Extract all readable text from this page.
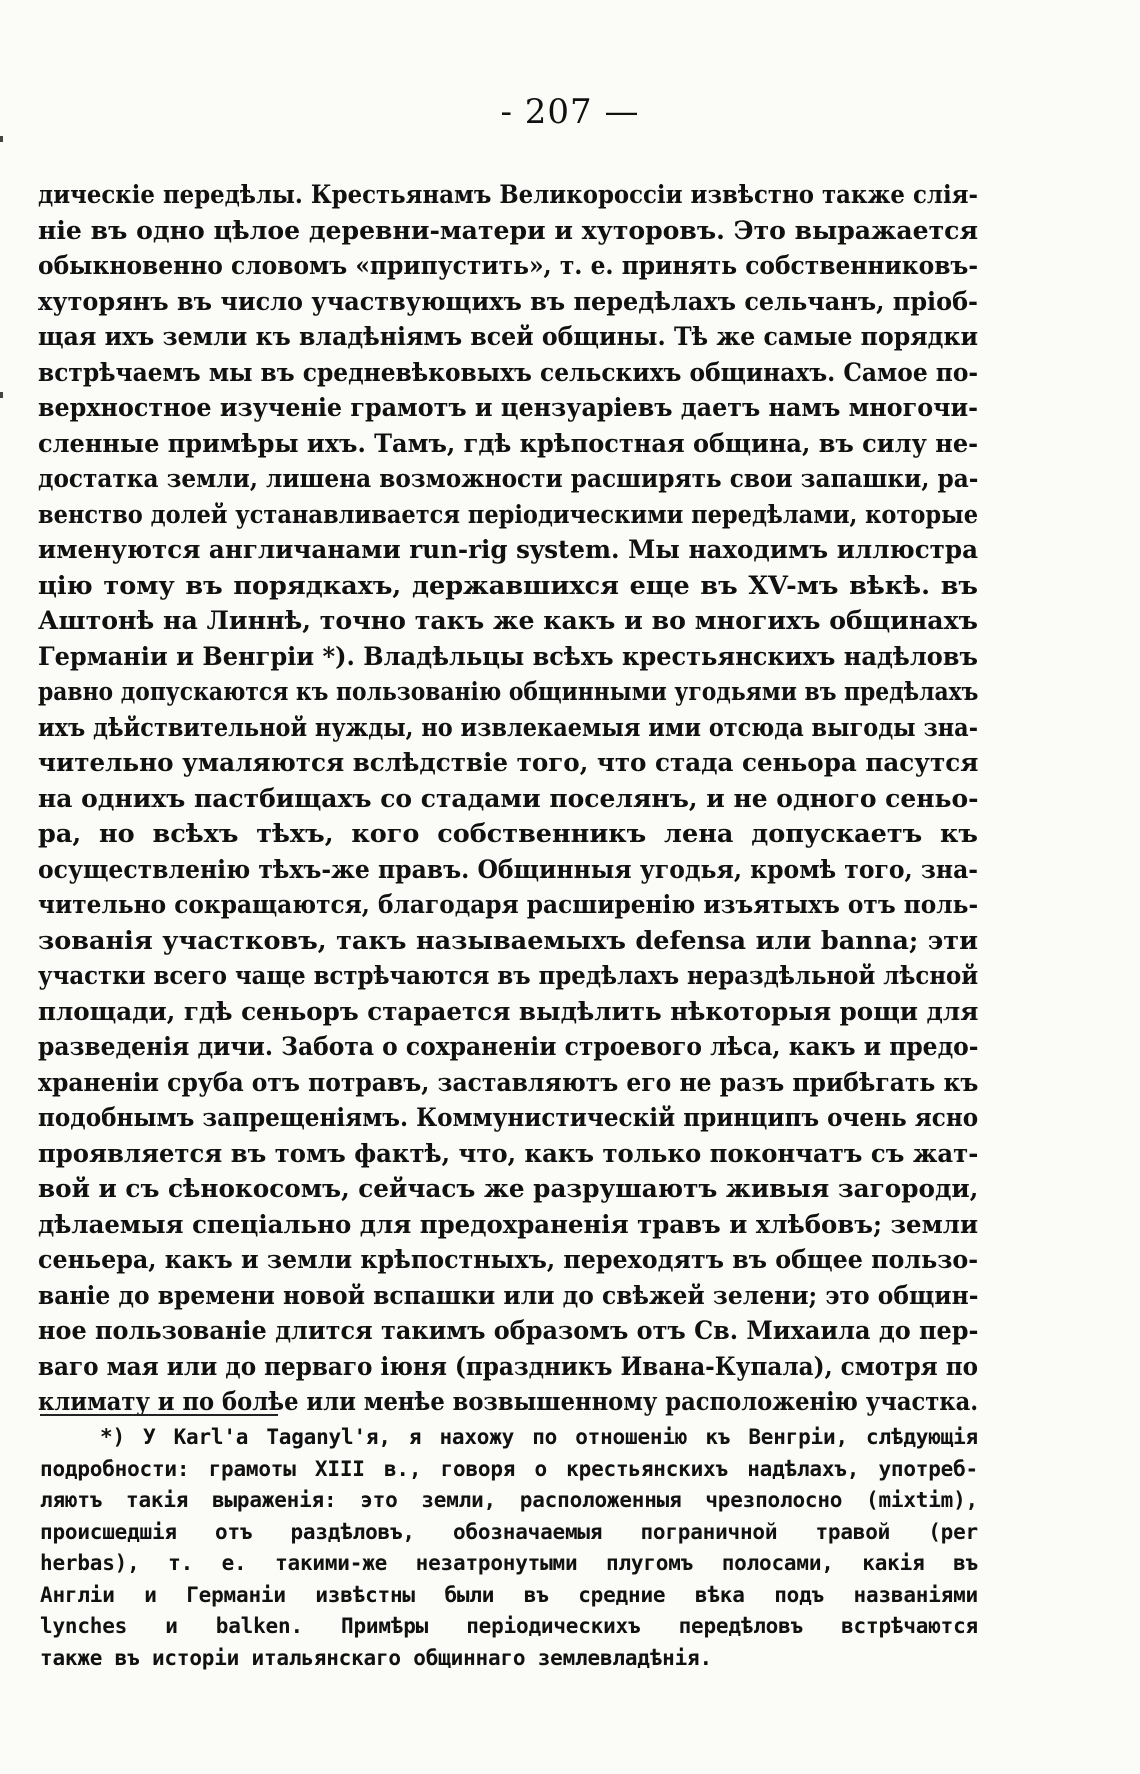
- 207 —
дическiе передѣлы. Крестьянамъ Великороссiи извѣстно также слiя-
нiе въ одно цѣлое деревни-матери и хуторовъ. Это выражается
обыкновенно словомъ «припустить», т. е. принять собственниковъ-
хуторянъ въ число участвующихъ въ передѣлахъ сельчанъ, прiоб-
щая ихъ земли къ владѣнiямъ всей общины. Тѣ же самые порядки
встрѣчаемъ мы въ средневѣковыхъ сельскихъ общинахъ. Самое по-
верхностное изученiе грамотъ и цензуарiевъ даетъ намъ многочи-
сленные примѣры ихъ. Тамъ, гдѣ крѣпостная община, въ силу не-
достатка земли, лишена возможности расширять свои запашки, ра-
венство долей устанавливается перiодическими передѣлами, которые
именуются англичанами run-rig system. Мы находимъ иллюстра
цiю тому въ порядкахъ, державшихся еще въ XV-мъ вѣкѣ. въ
Аштонѣ на Линнѣ, точно такъ же какъ и во многихъ общинахъ
Германiи и Венгрiи *). Владѣльцы всѣхъ крестьянскихъ надѣловъ
равно допускаются къ пользованiю общинными угодьями въ предѣлахъ
ихъ дѣйствительной нужды, но извлекаемыя ими отсюда выгоды зна-
чительно умаляются вслѣдствiе того, что стада сеньора пасутся
на однихъ пастбищахъ со стадами поселянъ, и не одного сеньо-
ра, но всѣхъ тѣхъ, кого собственникъ лена допускаетъ къ
осуществленiю тѣхъ-же правъ. Общинныя угодья, кромѣ того, зна-
чительно сокращаются, благодаря расширенiю изъятыхъ отъ поль-
зованiя участковъ, такъ называемыхъ defensa или banna; эти
участки всего чаще встрѣчаются въ предѣлахъ нераздѣльной лѣсной
площади, гдѣ сеньоръ старается выдѣлить нѣкоторыя рощи для
разведенiя дичи. Забота о сохраненiи строевого лѣса, какъ и предо-
храненiи сруба отъ потравъ, заставляютъ его не разъ прибѣгать къ
подобнымъ запрещенiямъ. Коммунистическiй принципъ очень ясно
проявляется въ томъ фактѣ, что, какъ только покончатъ съ жат-
вой и съ сѣнокосомъ, сейчасъ же разрушаютъ живыя загороди,
дѣлаемыя спецiально для предохраненiя травъ и хлѣбовъ; земли
сеньера, какъ и земли крѣпостныхъ, переходятъ въ общее пользо-
ванiе до времени новой вспашки или до свѣжей зелени; это общин-
ное пользованiе длится такимъ образомъ отъ Св. Михаила до пер-
ваго мая или до перваго iюня (праздникъ Ивана-Купала), смотря по
климату и по болѣе или менѣе возвышенному расположенiю участка.
*) У Karl'a Taganyl'я, я нахожу по отношенiю къ Венгрiи, слѣдующiя
подробности: грамоты XIII в., говоря о крестьянскихъ надѣлахъ, употреб-
ляютъ такiя выраженiя: это земли, расположенныя чрезполосно (mixtim),
происшедшiя отъ раздѣловъ, обозначаемыя пограничной травой (per
herbas), т. е. такими-же незатронутыми плугомъ полосами, какiя въ
Англiи и Германiи извѣстны были въ средние вѣка подъ названiями
lynches и balken. Примѣры перiодическихъ передѣловъ встрѣчаются
также въ исторiи итальянскаго общиннаго землевладѣнiя.
